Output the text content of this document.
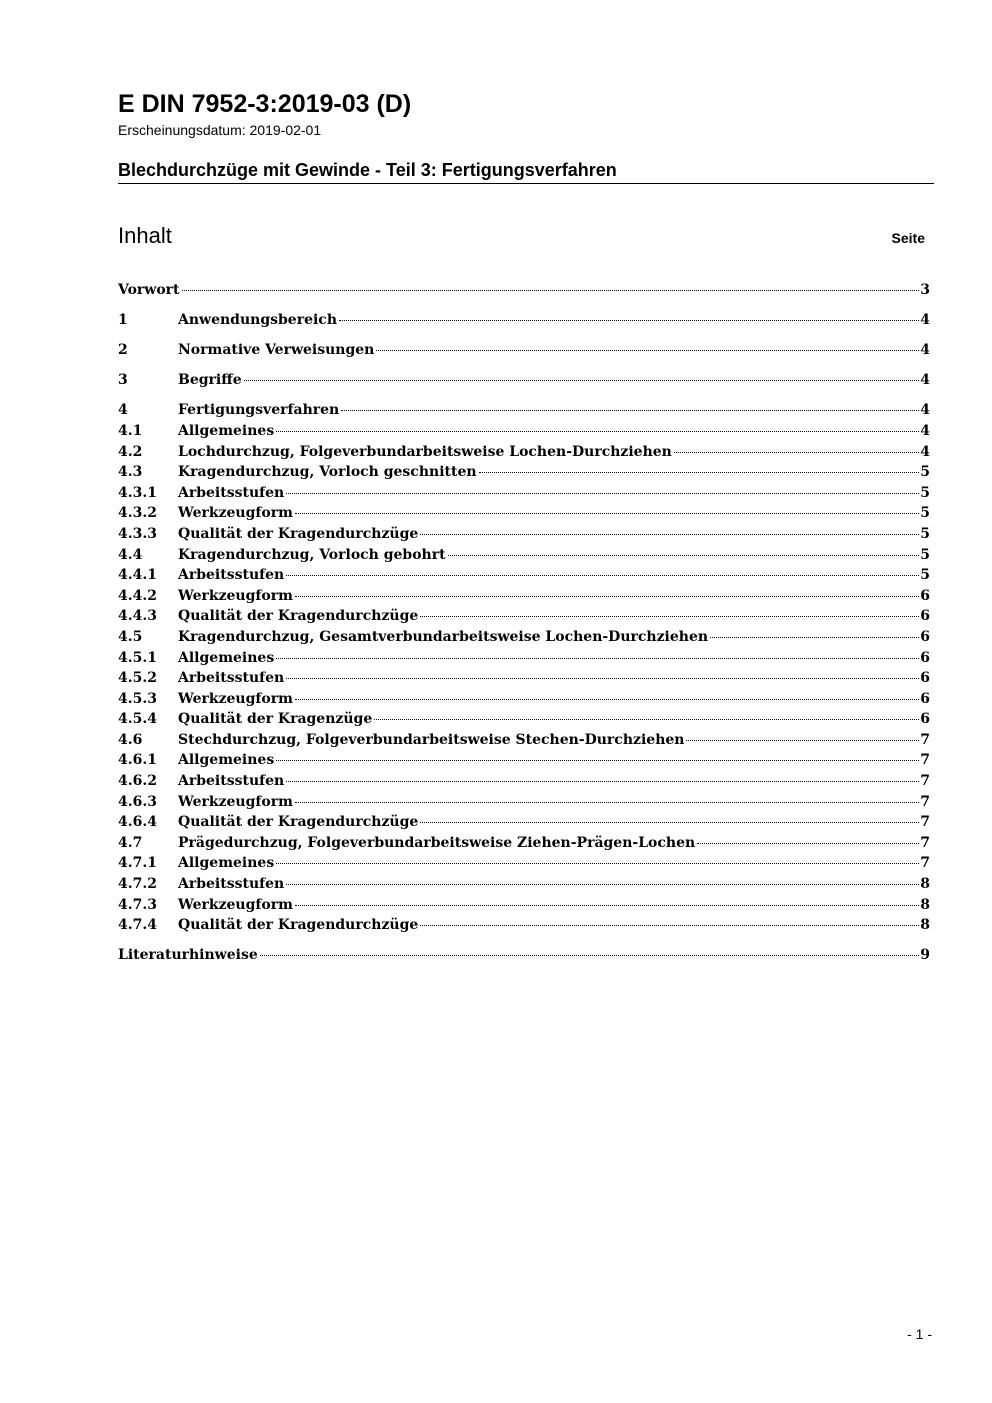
E DIN 7952-3:2019-03 (D)
Erscheinungsdatum: 2019-02-01
Blechdurchzüge mit Gewinde - Teil 3: Fertigungsverfahren
Inhalt	Seite
Vorwort	3
1	Anwendungsbereich	4
2	Normative Verweisungen	4
3	Begriffe	4
4	Fertigungsverfahren	4
4.1	Allgemeines	4
4.2	Lochdurchzug, Folgeverbundarbeitsweise Lochen-Durchziehen	4
4.3	Kragendurchzug, Vorloch geschnitten	5
4.3.1	Arbeitsstufen	5
4.3.2	Werkzeugform	5
4.3.3	Qualität der Kragendurchzüge	5
4.4	Kragendurchzug, Vorloch gebohrt	5
4.4.1	Arbeitsstufen	5
4.4.2	Werkzeugform	6
4.4.3	Qualität der Kragendurchzüge	6
4.5	Kragendurchzug, Gesamtverbundarbeitsweise Lochen-Durchziehen	6
4.5.1	Allgemeines	6
4.5.2	Arbeitsstufen	6
4.5.3	Werkzeugform	6
4.5.4	Qualität der Kragenzüge	6
4.6	Stechdurchzug, Folgeverbundarbeitsweise Stechen-Durchziehen	7
4.6.1	Allgemeines	7
4.6.2	Arbeitsstufen	7
4.6.3	Werkzeugform	7
4.6.4	Qualität der Kragendurchzüge	7
4.7	Prägedurchzug, Folgeverbundarbeitsweise Ziehen-Prägen-Lochen	7
4.7.1	Allgemeines	7
4.7.2	Arbeitsstufen	8
4.7.3	Werkzeugform	8
4.7.4	Qualität der Kragendurchzüge	8
Literaturhinweise	9
- 1 -
